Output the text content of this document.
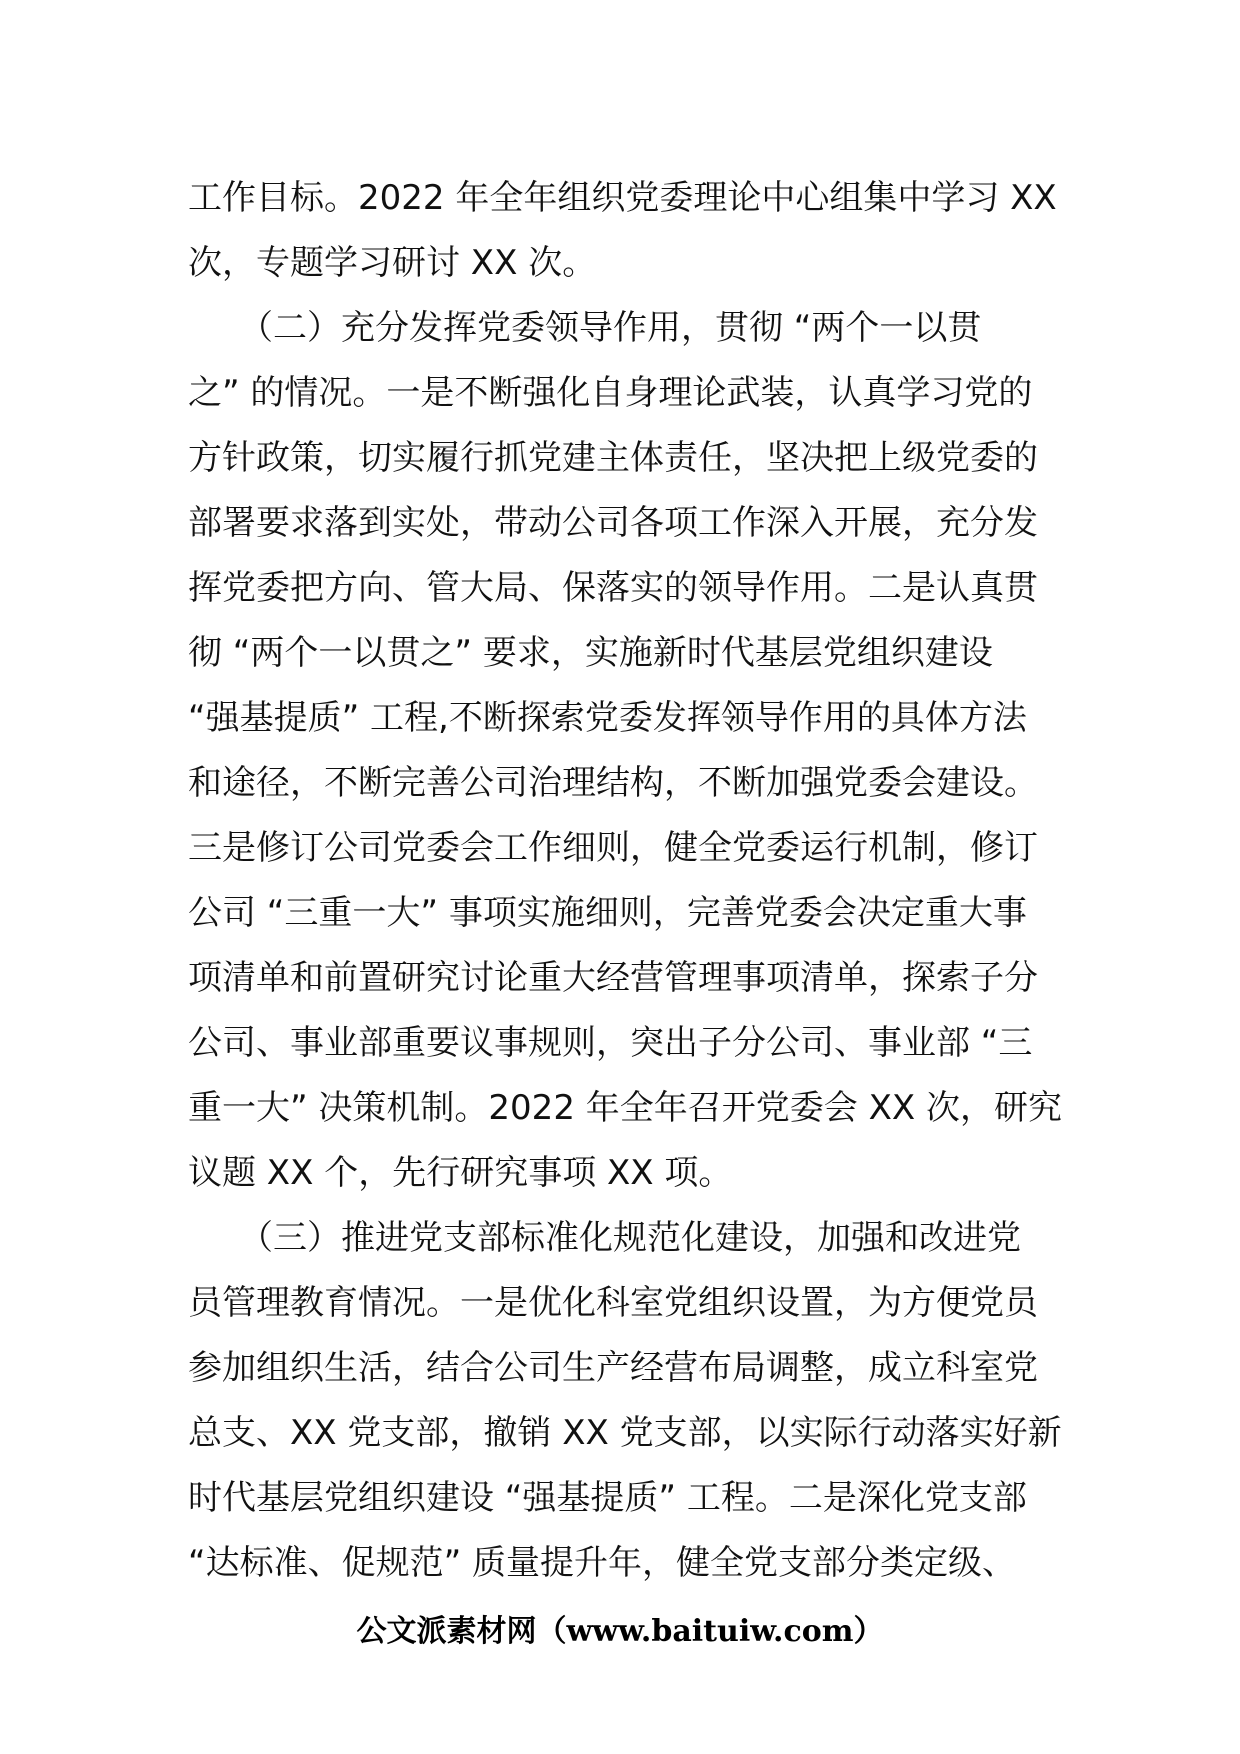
工作目标。2022 年全年组织党委理论中心组集中学习 XX
次，专题学习研讨 XX 次。
　　（二）充分发挥党委领导作用，贯彻 “两个一以贯
之” 的情况。一是不断强化自身理论武装，认真学习党的
方针政策，切实履行抓党建主体责任，坚决把上级党委的
部署要求落到实处，带动公司各项工作深入开展，充分发
挥党委把方向、管大局、保落实的领导作用。二是认真贯
彻 “两个一以贯之” 要求，实施新时代基层党组织建设
“强基提质” 工程,不断探索党委发挥领导作用的具体方法
和途径，不断完善公司治理结构，不断加强党委会建设。
三是修订公司党委会工作细则，健全党委运行机制，修订
公司 “三重一大” 事项实施细则，完善党委会决定重大事
项清单和前置研究讨论重大经营管理事项清单，探索子分
公司、事业部重要议事规则，突出子分公司、事业部 “三
重一大” 决策机制。2022 年全年召开党委会 XX 次，研究
议题 XX 个，先行研究事项 XX 项。
　　（三）推进党支部标准化规范化建设，加强和改进党
员管理教育情况。一是优化科室党组织设置，为方便党员
参加组织生活，结合公司生产经营布局调整，成立科室党
总支、XX 党支部，撤销 XX 党支部，以实际行动落实好新
时代基层党组织建设 “强基提质” 工程。二是深化党支部
“达标准、促规范” 质量提升年，健全党支部分类定级、
公文派素材网（www.baituiw.com）
